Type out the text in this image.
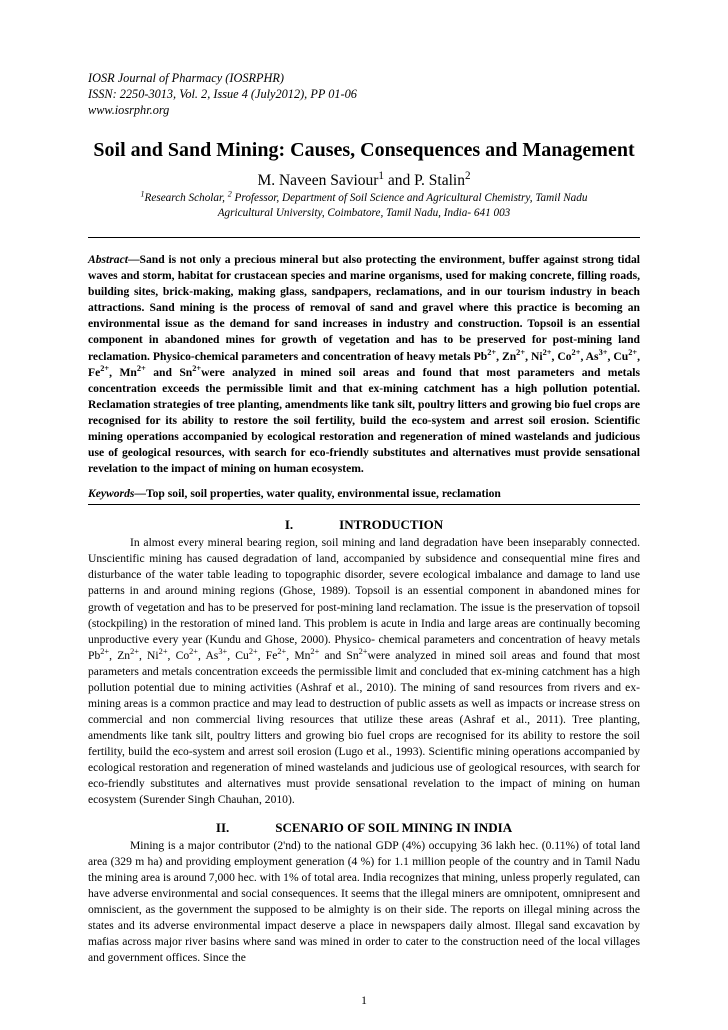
IOSR Journal of Pharmacy (IOSRPHR)
ISSN: 2250-3013, Vol. 2, Issue 4 (July2012), PP 01-06
www.iosrphr.org
Soil and Sand Mining: Causes, Consequences and Management
M. Naveen Saviour$^1$ and P. Stalin$^2$
$^1$Research Scholar, $^2$ Professor, Department of Soil Science and Agricultural Chemistry, Tamil Nadu
Agricultural University, Coimbatore, Tamil Nadu, India- 641 003
Abstract—Sand is not only a precious mineral but also protecting the environment, buffer against strong tidal waves and storm, habitat for crustacean species and marine organisms, used for making concrete, filling roads, building sites, brick-making, making glass, sandpapers, reclamations, and in our tourism industry in beach attractions. Sand mining is the process of removal of sand and gravel where this practice is becoming an environmental issue as the demand for sand increases in industry and construction. Topsoil is an essential component in abandoned mines for growth of vegetation and has to be preserved for post-mining land reclamation. Physico-chemical parameters and concentration of heavy metals $Pb^{2+}$, $Zn^{2+}$, $Ni^{2+}$, $Co^{2+}$, $As^{3+}$, $Cu^{2+}$, $Fe^{2+}$, $Mn^{2+}$ and $Sn^{2+}were$ analyzed in mined soil areas and found that most parameters and metals concentration exceeds the permissible limit and that ex-mining catchment has a high pollution potential. Reclamation strategies of tree planting, amendments like tank silt, poultry litters and growing bio fuel crops are recognised for its ability to restore the soil fertility, build the eco-system and arrest soil erosion. Scientific mining operations accompanied by ecological restoration and regeneration of mined wastelands and judicious use of geological resources, with search for eco-friendly substitutes and alternatives must provide sensational revelation to the impact of mining on human ecosystem.
Keywords—Top soil, soil properties, water quality, environmental issue, reclamation
I.	INTRODUCTION

In almost every mineral bearing region, soil mining and land degradation have been inseparably connected. Unscientific mining has caused degradation of land, accompanied by subsidence and consequential mine fires and disturbance of the water table leading to topographic disorder, severe ecological imbalance and damage to land use patterns in and around mining regions (Ghose, 1989). Topsoil is an essential component in abandoned mines for growth of vegetation and has to be preserved for post-mining land reclamation. The issue is the preservation of topsoil (stockpiling) in the restoration of mined land. This problem is acute in India and large areas are continually becoming unproductive every year (Kundu and Ghose, 2000). Physico- chemical parameters and concentration of heavy metals $Pb^{2+}$, $Zn^{2+}$, $Ni^{2+}$, $Co^{2+}$, $As^{3+}$, $Cu^{2+}$, $Fe^{2+}$, $Mn^{2+}$ and $Sn^{2+}were$ analyzed in mined soil areas and found that most parameters and metals concentration exceeds the permissible limit and concluded that ex-mining catchment has a high pollution potential due to mining activities (Ashraf et al., 2010). The mining of sand resources from rivers and ex-mining areas is a common practice and may lead to destruction of public assets as well as impacts or increase stress on commercial and non commercial living resources that utilize these areas (Ashraf et al., 2011). Tree planting, amendments like tank silt, poultry litters and growing bio fuel crops are recognised for its ability to restore the soil fertility, build the eco-system and arrest soil erosion (Lugo et al., 1993). Scientific mining operations accompanied by ecological restoration and regeneration of mined wastelands and judicious use of geological resources, with search for eco-friendly substitutes and alternatives must provide sensational revelation to the impact of mining on human ecosystem (Surender Singh Chauhan, 2010).

II.	SCENARIO OF SOIL MINING IN INDIA

Mining is a major contributor (2'nd) to the national GDP (4%) occupying 36 lakh hec. (0.11%) of total land area (329 m ha) and providing employment generation (4 %) for 1.1 million people of the country and in Tamil Nadu the mining area is around 7,000 hec. with 1% of total area. India recognizes that mining, unless properly regulated, can have adverse environmental and social consequences. It seems that the illegal miners are omnipotent, omnipresent and omniscient, as the government the supposed to be almighty is on their side. The reports on illegal mining across the states and its adverse environmental impact deserve a place in newspapers daily almost. Illegal sand excavation by mafias across major river basins where sand was mined in order to cater to the construction need of the local villages and government offices. Since the

1
